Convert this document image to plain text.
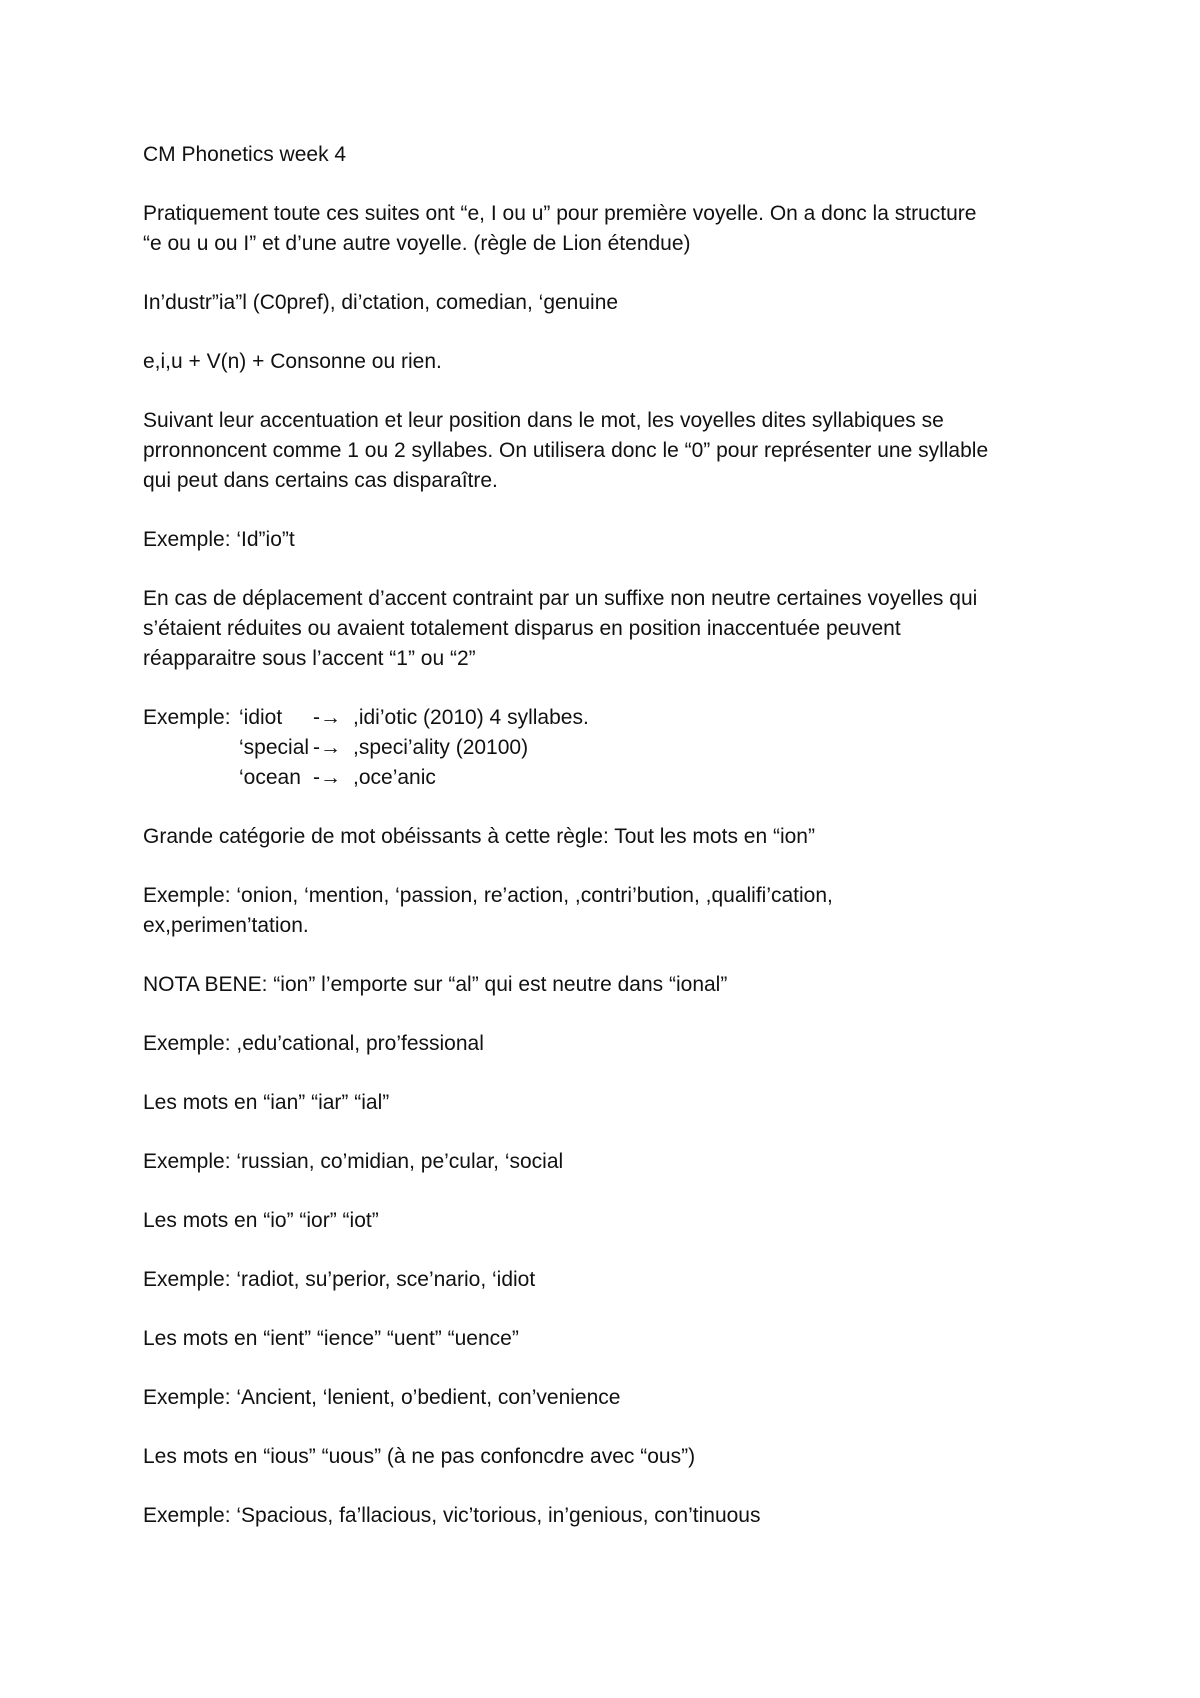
CM Phonetics week 4

Pratiquement toute ces suites ont “e, I ou u” pour première voyelle. On a donc la structure

“e ou u ou I” et d’une autre voyelle. (règle de Lion étendue)

In’dustr”ia”l (C0pref), di’ctation, comedian, ‘genuine

e,i,u + V(n) + Consonne ou rien.

Suivant leur accentuation et leur position dans le mot, les voyelles dites syllabiques se

prronnoncent comme 1 ou 2 syllabes. On utilisera donc le “0” pour représenter une syllable

qui peut dans certains cas disparaître.

Exemple: ‘Id”io”t

En cas de déplacement d’accent contraint par un suffixe non neutre certaines voyelles qui

s’étaient réduites ou avaient totalement disparus en position inaccentuée peuvent

réapparaitre sous l’accent “1” ou “2”

Exemple: ‘idiot	-→ ,idi’otic (2010) 4 syllabes.
‘special -→ ,speci’ality (20100)
‘ocean -→ ,oce’anic

Grande catégorie de mot obéissants à cette règle: Tout les mots en “ion”

Exemple: ‘onion, ‘mention, ‘passion, re’action, ,contri’bution, ,qualifi’cation,

ex,perimen’tation.

NOTA BENE: “ion” l’emporte sur “al” qui est neutre dans “ional”

Exemple: ,edu’cational, pro’fessional

Les mots en “ian” “iar” “ial”

Exemple: ‘russian, co’midian, pe’cular, ‘social

Les mots en “io” “ior” “iot”

Exemple: ‘radiot, su’perior, sce’nario, ‘idiot

Les mots en “ient” “ience” “uent” “uence”

Exemple: ‘Ancient, ‘lenient, o’bedient, con’venience

Les mots en “ious” “uous” (à ne pas confoncdre avec “ous”)

Exemple: ‘Spacious, fa’llacious, vic’torious, in’genious, con’tinuous
